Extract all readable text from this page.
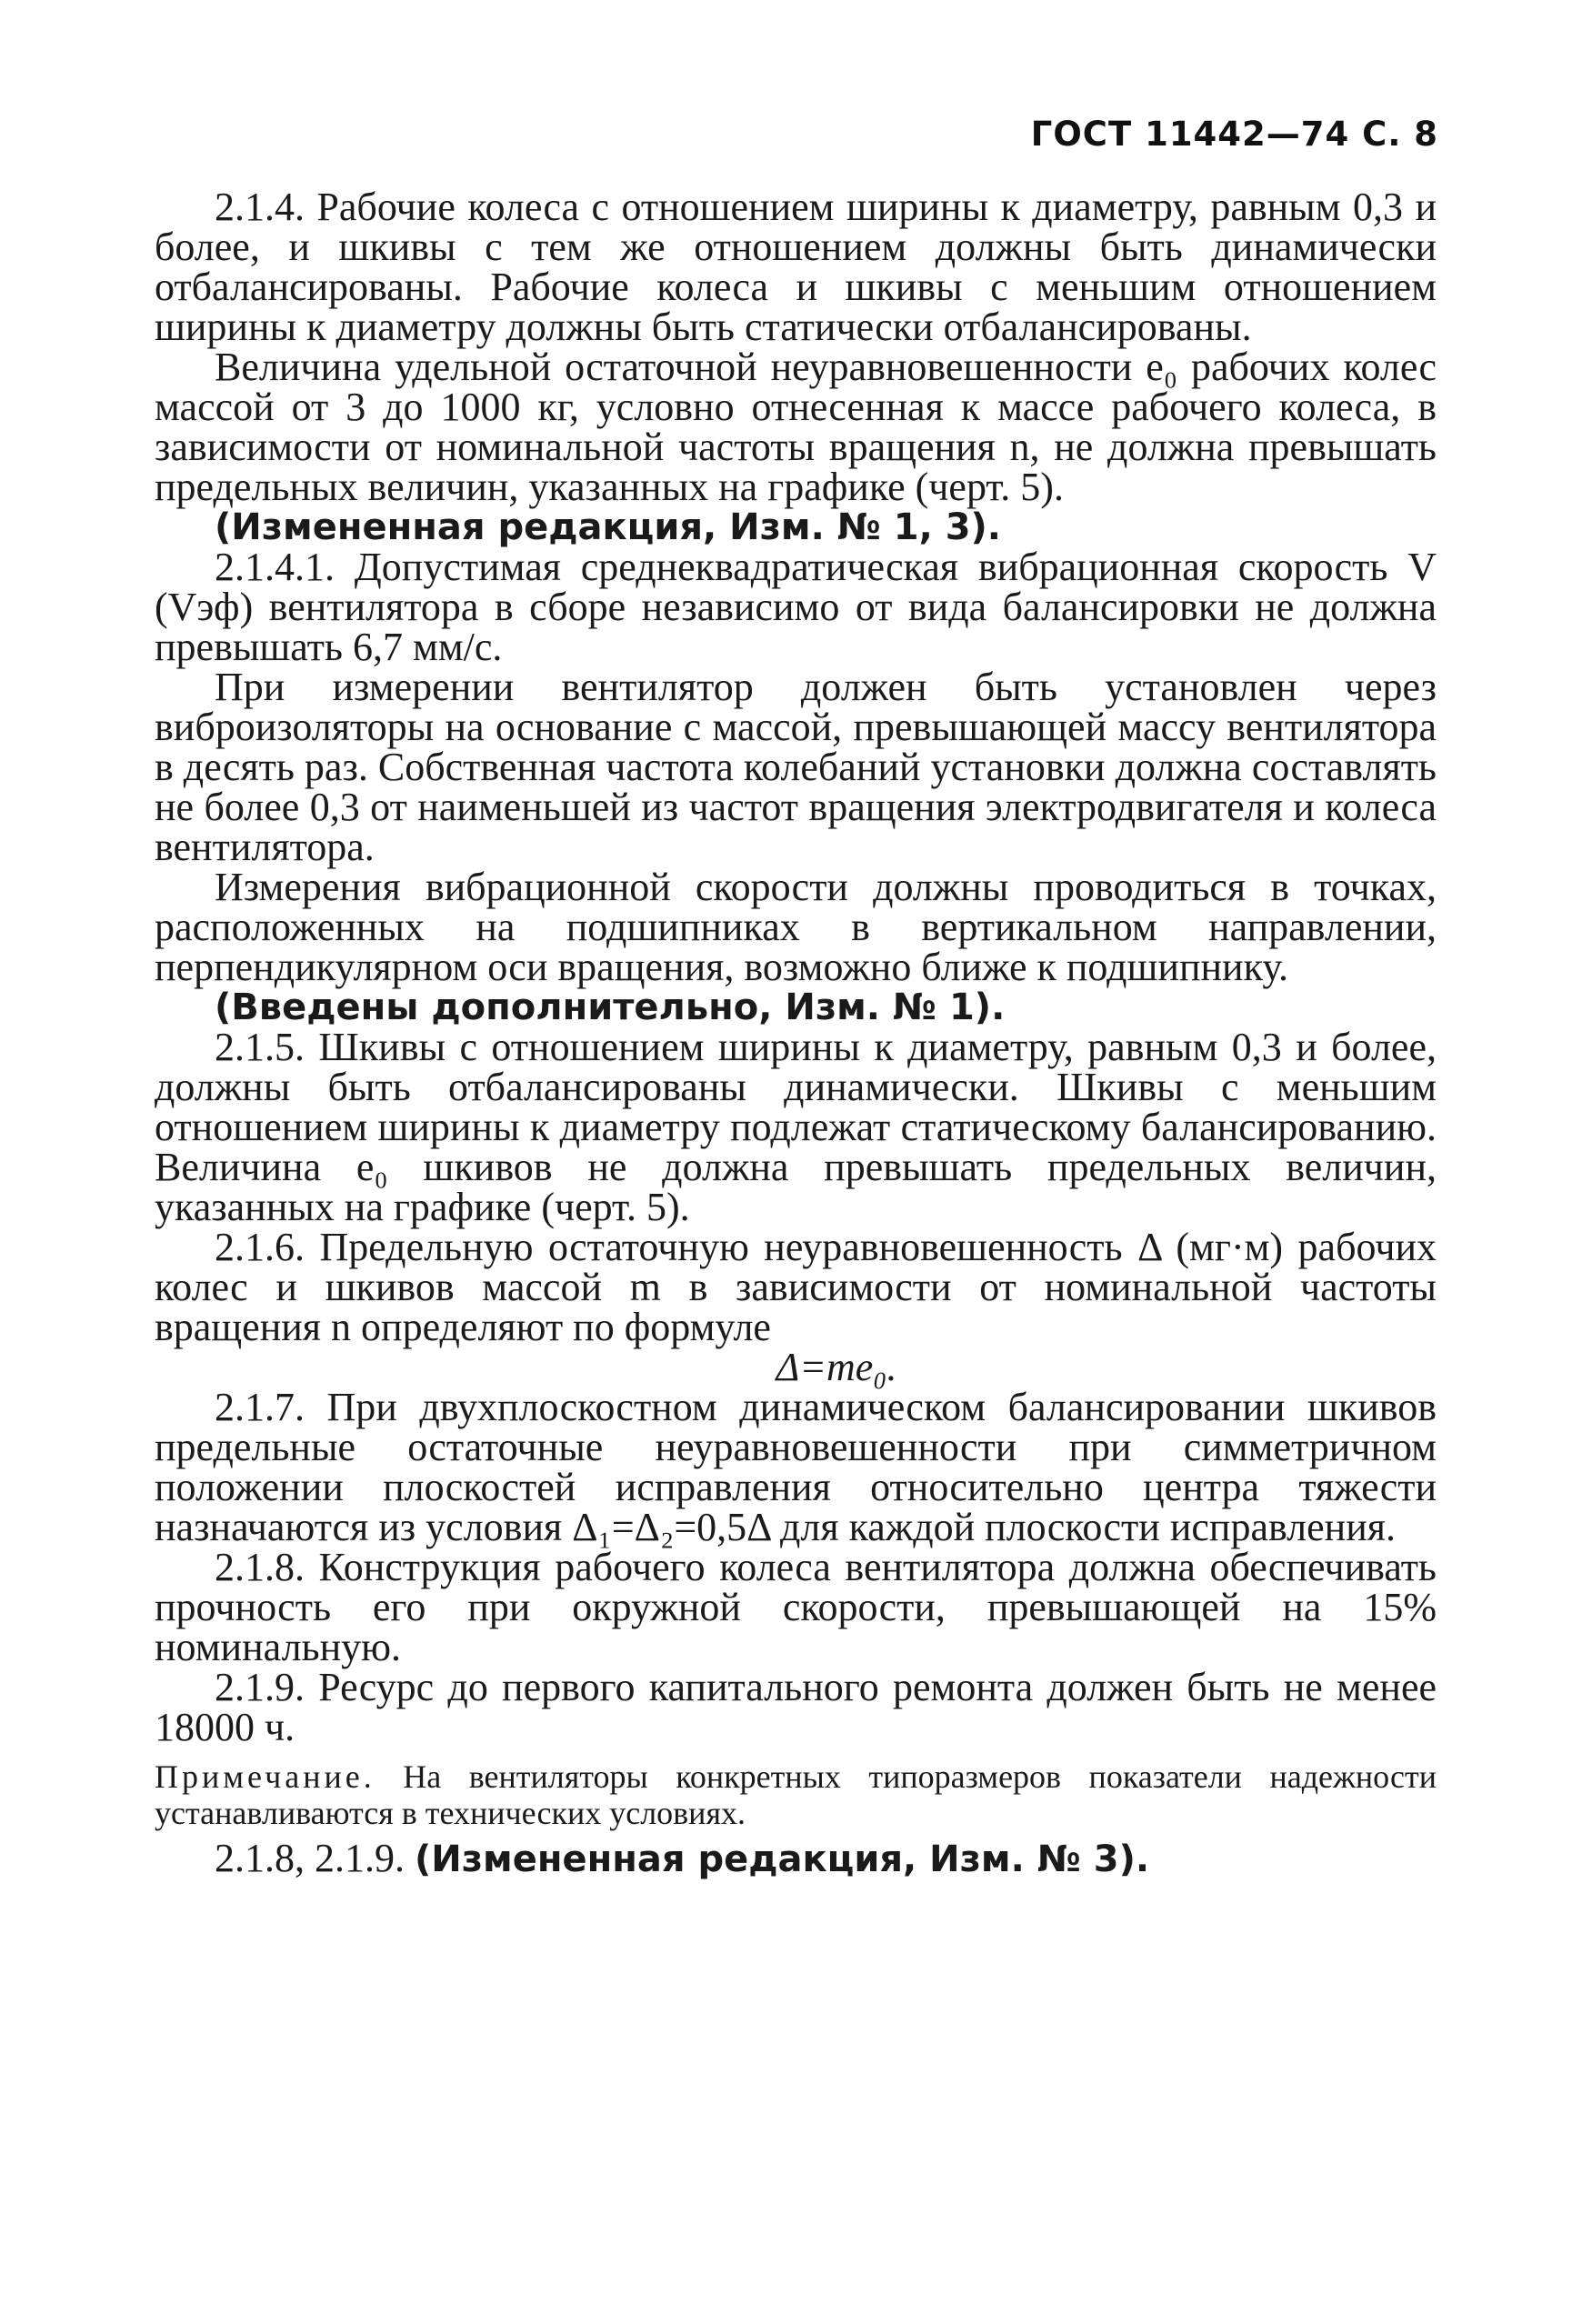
ГОСТ 11442—74 С. 8

2.1.4. Рабочие колеса с отношением ширины к диаметру, равным 0,3 и более, и шкивы с тем же отношением должны быть динамически отбалансированы. Рабочие колеса и шкивы с меньшим отношением ширины к диаметру должны быть статически отбалансированы.

Величина удельной остаточной неуравновешенности e₀ рабочих колес массой от 3 до 1000 кг, условно отнесенная к массе рабочего колеса, в зависимости от номинальной частоты вращения n, не должна превышать предельных величин, указанных на графике (черт. 5).

(Измененная редакция, Изм. № 1, 3).

2.1.4.1. Допустимая среднеквадратическая вибрационная скорость V (Vэф) вентилятора в сборе независимо от вида балансировки не должна превышать 6,7 мм/с.

При измерении вентилятор должен быть установлен через виброизоляторы на основание с массой, превышающей массу вентилятора в десять раз. Собственная частота колебаний установки должна составлять не более 0,3 от наименьшей из частот вращения электродвигателя и колеса вентилятора.

Измерения вибрационной скорости должны проводиться в точках, расположенных на подшипниках в вертикальном направлении, перпендикулярном оси вращения, возможно ближе к подшипнику.

(Введены дополнительно, Изм. № 1).

2.1.5. Шкивы с отношением ширины к диаметру, равным 0,3 и более, должны быть отбалансированы динамически. Шкивы с меньшим отношением ширины к диаметру подлежат статическому балансированию. Величина e₀ шкивов не должна превышать предельных величин, указанных на графике (черт. 5).

2.1.6. Предельную остаточную неуравновешенность Δ (мг·м) рабочих колес и шкивов массой m в зависимости от номинальной частоты вращения n определяют по формуле

Δ=me₀.

2.1.7. При двухплоскостном динамическом балансировании шкивов предельные остаточные неуравновешенности при симметричном положении плоскостей исправления относительно центра тяжести назначаются из условия Δ₁=Δ₂=0,5Δ для каждой плоскости исправления.

2.1.8. Конструкция рабочего колеса вентилятора должна обеспечивать прочность его при окружной скорости, превышающей на 15% номинальную.

2.1.9. Ресурс до первого капитального ремонта должен быть не менее 18000 ч.

Примечание. На вентиляторы конкретных типоразмеров показатели надежности устанавливаются в технических условиях.

2.1.8, 2.1.9. (Измененная редакция, Изм. № 3).
